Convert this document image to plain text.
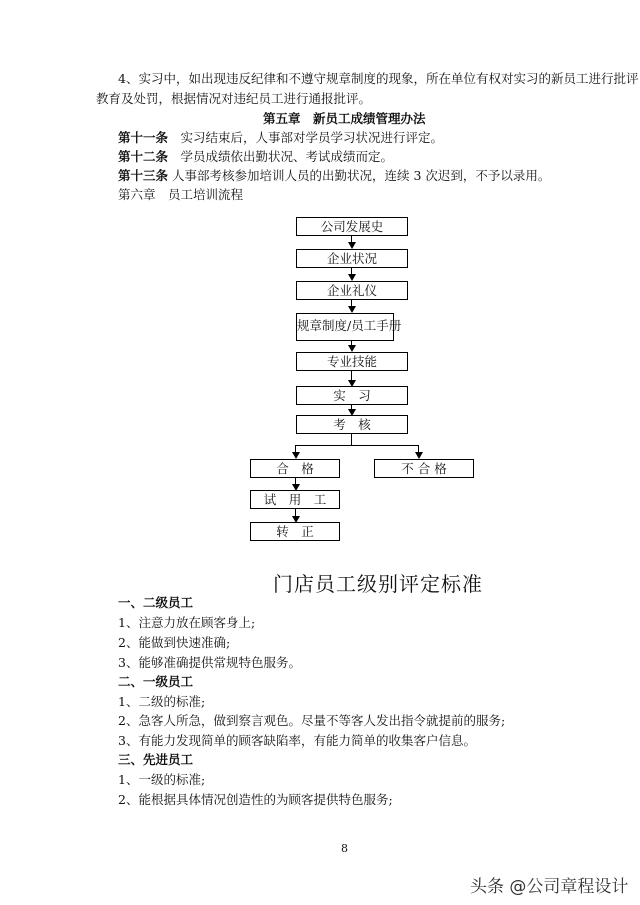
4、实习中，如出现违反纪律和不遵守规章制度的现象，所在单位有权对实习的新员工进行批评
教育及处罚，根据情况对违纪员工进行通报批评。
第五章　新员工成绩管理办法
第十一条　实习结束后，人事部对学员学习状况进行评定。
第十二条　学员成绩依出勤状况、考试成绩而定。
第十三条 人事部考核参加培训人员的出勤状况，连续 3 次迟到，不予以录用。
第六章　员工培训流程
公司发展史
企业状况
企业礼仪
规章制度/员工手册
专业技能
实　习
考　核
合　格	不 合 格
试　用　工
转　正
门店员工级别评定标准
一、二级员工
1、注意力放在顾客身上;
2、能做到快速准确;
3、能够准确提供常规特色服务。
二、一级员工
1、二级的标准;
2、急客人所急，做到察言观色。尽量不等客人发出指令就提前的服务;
3、有能力发现简单的顾客缺陷率，有能力简单的收集客户信息。
三、先进员工
1、一级的标准;
2、能根据具体情况创造性的为顾客提供特色服务;
8
头条 @公司章程设计
